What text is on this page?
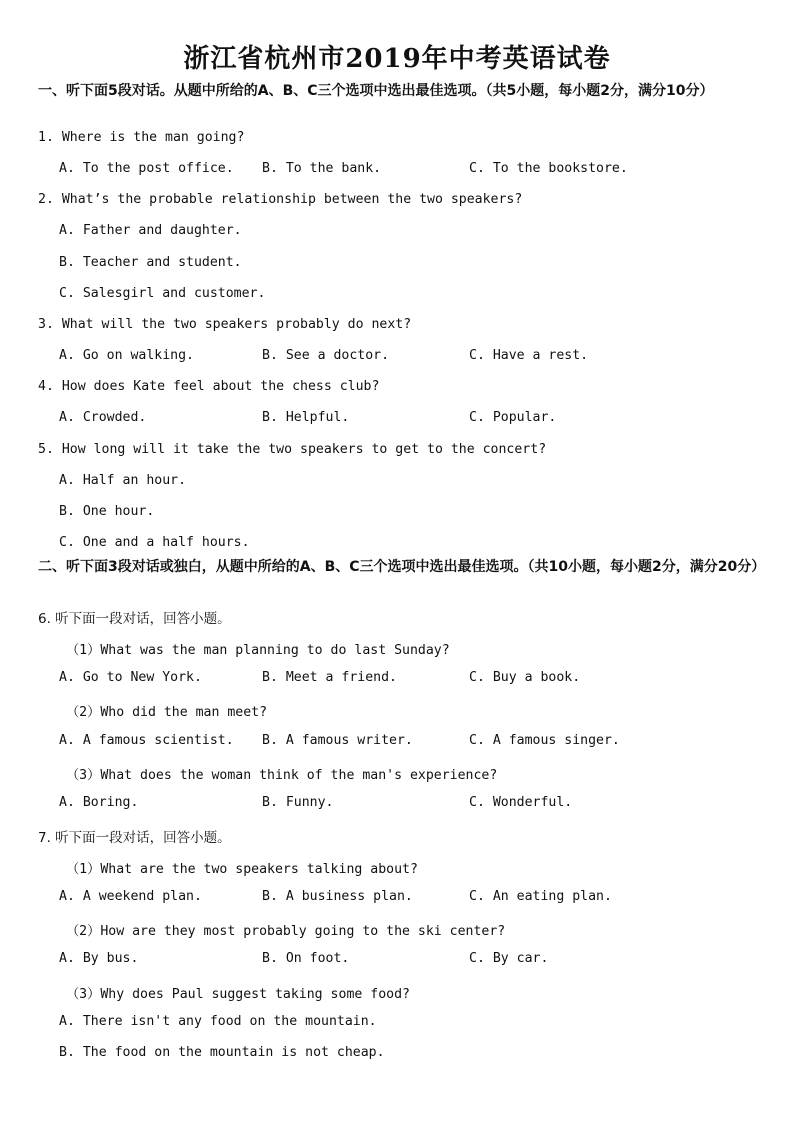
浙江省杭州市2019年中考英语试卷
一、听下面5段对话。从题中所给的A、B、C三个选项中选出最佳选项。（共5小题，每小题2分，满分10分）
1. Where is the man going?
A. To the post office. B. To the bank.	C. To the bookstore.
2. What’s the probable relationship between the two speakers?
A. Father and daughter.
B. Teacher and student.
C. Salesgirl and customer.
3. What will the two speakers probably do next?
A. Go on walking.	B. See a doctor.	C. Have a rest.
4. How does Kate feel about the chess club?
A. Crowded.	B. Helpful.	C. Popular.
5. How long will it take the two speakers to get to the concert?
A. Half an hour.
B. One hour.
C. One and a half hours.
二、听下面3段对话或独白，从题中所给的A、B、C三个选项中选出最佳选项。（共10小题，每小题2分，满分20分）
6. 听下面一段对话，回答小题。
（1）What was the man planning to do last Sunday?
A. Go to New York.	B. Meet a friend.	C. Buy a book.
（2）Who did the man meet?
A. A famous scientist. B. A famous writer.	C. A famous singer.
（3）What does the woman think of the man's experience?
A. Boring.	B. Funny.	C. Wonderful.
7. 听下面一段对话，回答小题。
（1）What are the two speakers talking about?
A. A weekend plan.	B. A business plan.	C. An eating plan.
（2）How are they most probably going to the ski center?
A. By bus.	B. On foot.	C. By car.
（3）Why does Paul suggest taking some food?
A. There isn't any food on the mountain.
B. The food on the mountain is not cheap.
